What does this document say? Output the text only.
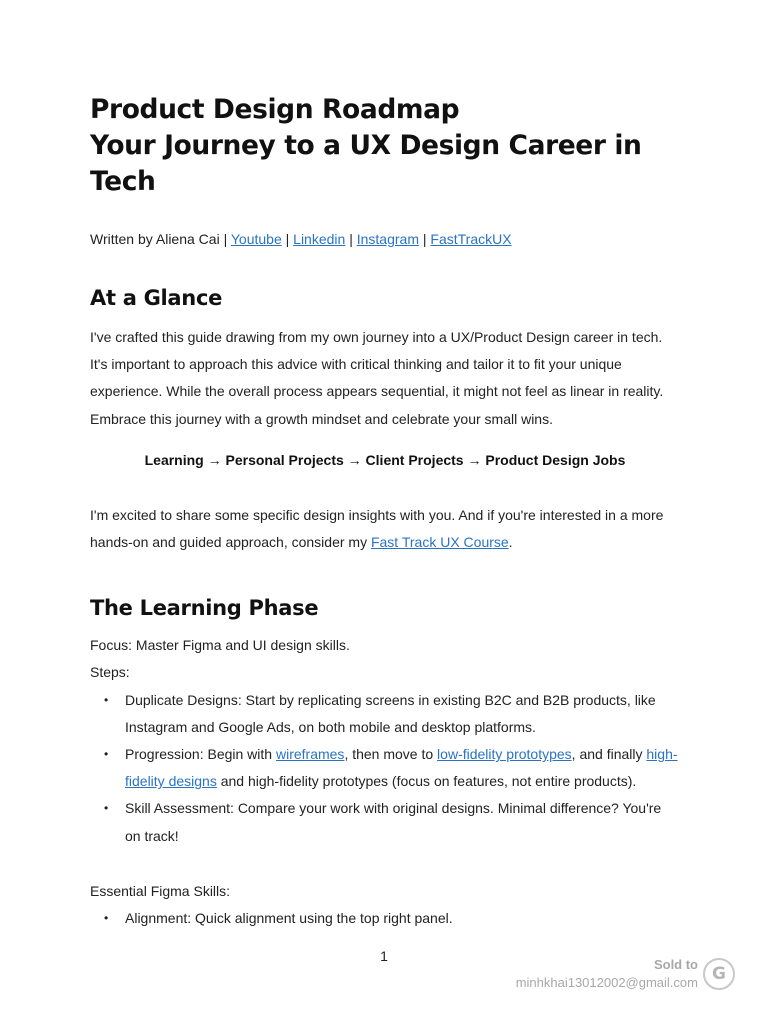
Product Design Roadmap
Your Journey to a UX Design Career in Tech
Written by Aliena Cai | Youtube | Linkedin | Instagram | FastTrackUX
At a Glance

I've crafted this guide drawing from my own journey into a UX/Product Design career in tech. It's important to approach this advice with critical thinking and tailor it to fit your unique experience. While the overall process appears sequential, it might not feel as linear in reality. Embrace this journey with a growth mindset and celebrate your small wins.

Learning → Personal Projects → Client Projects → Product Design Jobs

I'm excited to share some specific design insights with you. And if you're interested in a more hands-on and guided approach, consider my Fast Track UX Course.

The Learning Phase

Focus: Master Figma and UI design skills.

Steps:

• Duplicate Designs: Start by replicating screens in existing B2C and B2B products, like Instagram and Google Ads, on both mobile and desktop platforms.
• Progression: Begin with wireframes, then move to low-fidelity prototypes, and finally high-fidelity designs and high-fidelity prototypes (focus on features, not entire products).
• Skill Assessment: Compare your work with original designs. Minimal difference? You're on track!

Essential Figma Skills:

• Alignment: Quick alignment using the top right panel.
1
Sold to
minhkhai13012002@gmail.com G
